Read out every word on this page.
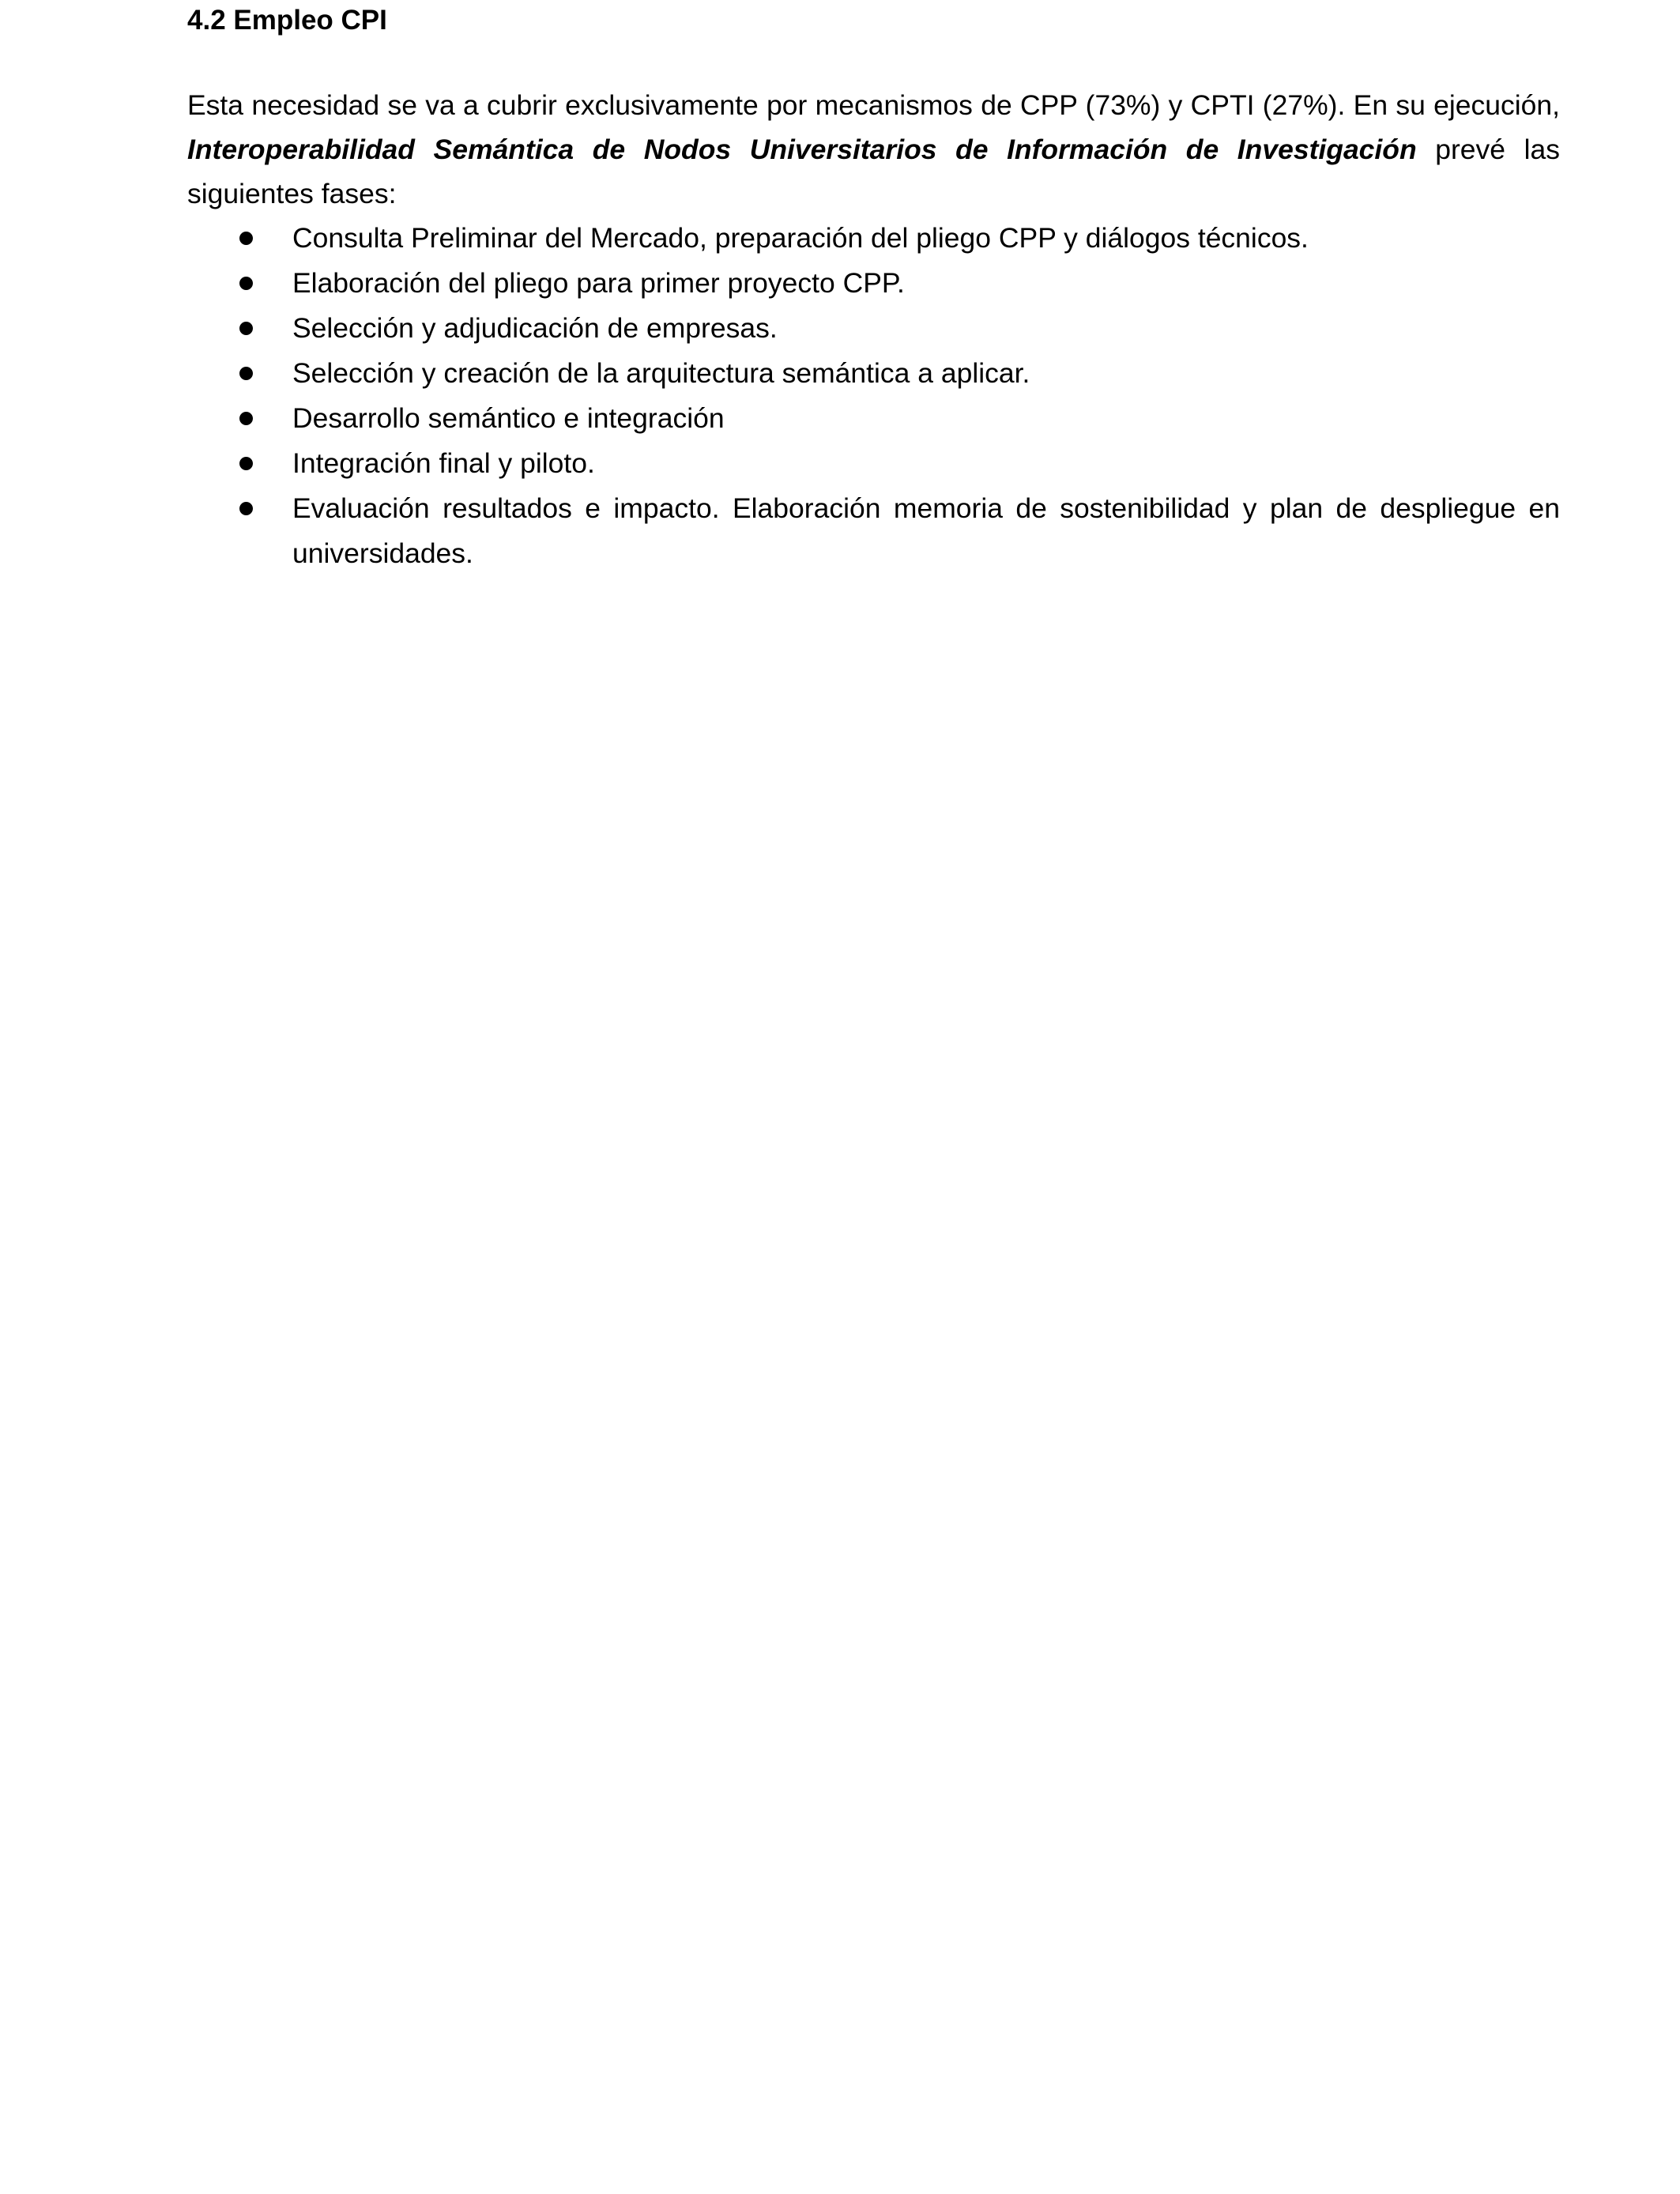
4.2 Empleo CPI

Esta necesidad se va a cubrir exclusivamente por mecanismos de CPP (73%) y CPTI (27%). En su ejecución, Interoperabilidad Semántica de Nodos Universitarios de Información de Investigación prevé las siguientes fases:

Consulta Preliminar del Mercado, preparación del pliego CPP y diálogos técnicos.
Elaboración del pliego para primer proyecto CPP.
Selección y adjudicación de empresas.
Selección y creación de la arquitectura semántica a aplicar.
Desarrollo semántico e integración
Integración final y piloto.
Evaluación resultados e impacto. Elaboración memoria de sostenibilidad y plan de despliegue en universidades.
